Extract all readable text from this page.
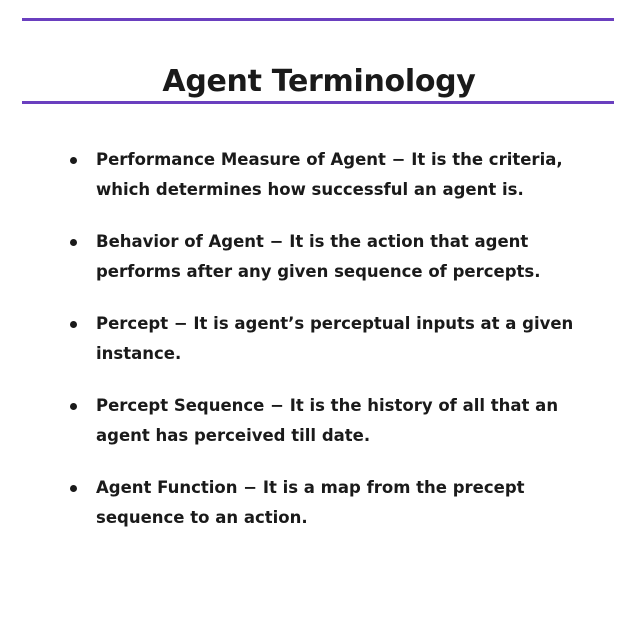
Agent Terminology
Performance Measure of Agent − It is the criteria, which determines how successful an agent is.
Behavior of Agent − It is the action that agent performs after any given sequence of percepts.
Percept − It is agent’s perceptual inputs at a given instance.
Percept Sequence − It is the history of all that an agent has perceived till date.
Agent Function − It is a map from the precept sequence to an action.
